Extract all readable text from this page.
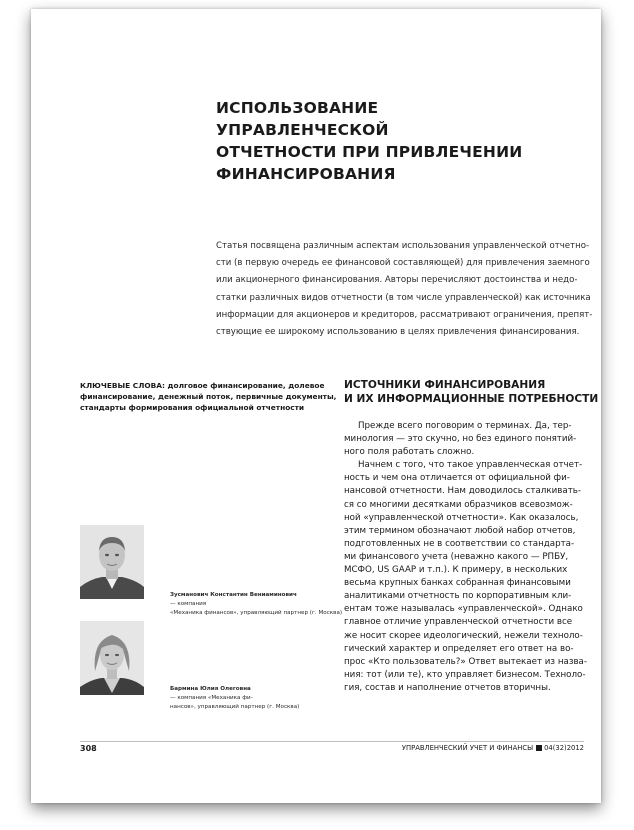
ИСПОЛЬЗОВАНИЕ УПРАВЛЕНЧЕСКОЙ
ОТЧЕТНОСТИ ПРИ ПРИВЛЕЧЕНИИ
ФИНАНСИРОВАНИЯ
Статья посвящена различным аспектам использования управленческой отчетно-
сти (в первую очередь ее финансовой составляющей) для привлечения заемного
или акционерного финансирования. Авторы перечисляют достоинства и недо-
статки различных видов отчетности (в том числе управленческой) как источника
информации для акционеров и кредиторов, рассматривают ограничения, препят-
ствующие ее широкому использованию в целях привлечения финансирования.
КЛЮЧЕВЫЕ СЛОВА: долговое финансирование, долевое
финансирование, денежный поток, первичные документы,
стандарты формирования официальной отчетности
ИСТОЧНИКИ ФИНАНСИРОВАНИЯ
И ИХ ИНФОРМАЦИОННЫЕ ПОТРЕБНОСТИ
Прежде всего поговорим о терминах. Да, тер-
минология — это скучно, но без единого понятий-
ного поля работать сложно.
Начнем с того, что такое управленческая отчет-
ность и чем она отличается от официальной фи-
нансовой отчетности. Нам доводилось сталкивать-
ся со многими десятками образчиков всевозмож-
ной «управленческой отчетности». Как оказалось,
этим термином обозначают любой набор отчетов,
подготовленных не в соответствии со стандарта-
ми финансового учета (неважно какого — РПБУ,
МСФО, US GAAP и т.п.). К примеру, в нескольких
весьма крупных банках собранная финансовыми
аналитиками отчетность по корпоративным кли-
ентам тоже называлась «управленческой». Однако
главное отличие управленческой отчетности все
же носит скорее идеологический, нежели техноло-
гический характер и определяет его ответ на во-
прос «Кто пользователь?» Ответ вытекает из назва-
ния: тот (или те), кто управляет бизнесом. Техноло-
гия, состав и наполнение отчетов вторичны.
Зусманович Константин Вениаминович
— компания
«Механика финансов», управляющий партнер (г. Москва)
Бармина Юлия Олеговна
— компания «Механика фи-
нансов», управляющий партнер (г. Москва)
308	УПРАВЛЕНЧЕСКИЙ УЧЕТ И ФИНАНСЫ 04(32)2012
